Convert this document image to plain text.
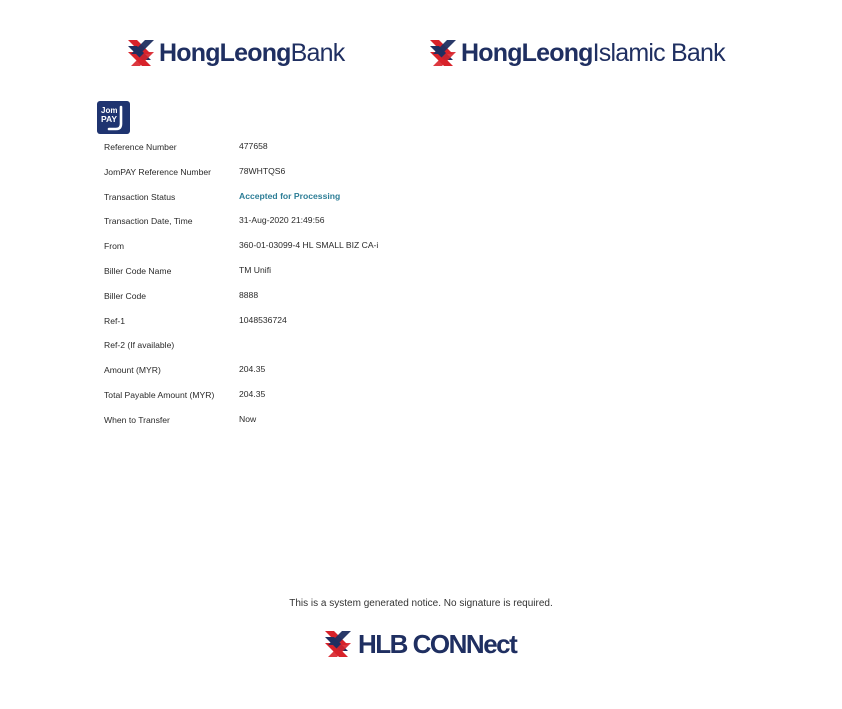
HongLeongBank	HongLeongIslamic Bank
Jom
PAY
Reference Number	477658
JomPAY Reference Number	78WHTQS6
Transaction Status	Accepted for Processing
Transaction Date, Time	31-Aug-2020 21:49:56
From	360-01-03099-4 HL SMALL BIZ CA-i
Biller Code Name	TM Unifi
Biller Code	8888
Ref-1	1048536724
Ref-2 (If available)
Amount (MYR)	204.35
Total Payable Amount (MYR)	204.35
When to Transfer	Now
This is a system generated notice. No signature is required.
HLB CONNect
